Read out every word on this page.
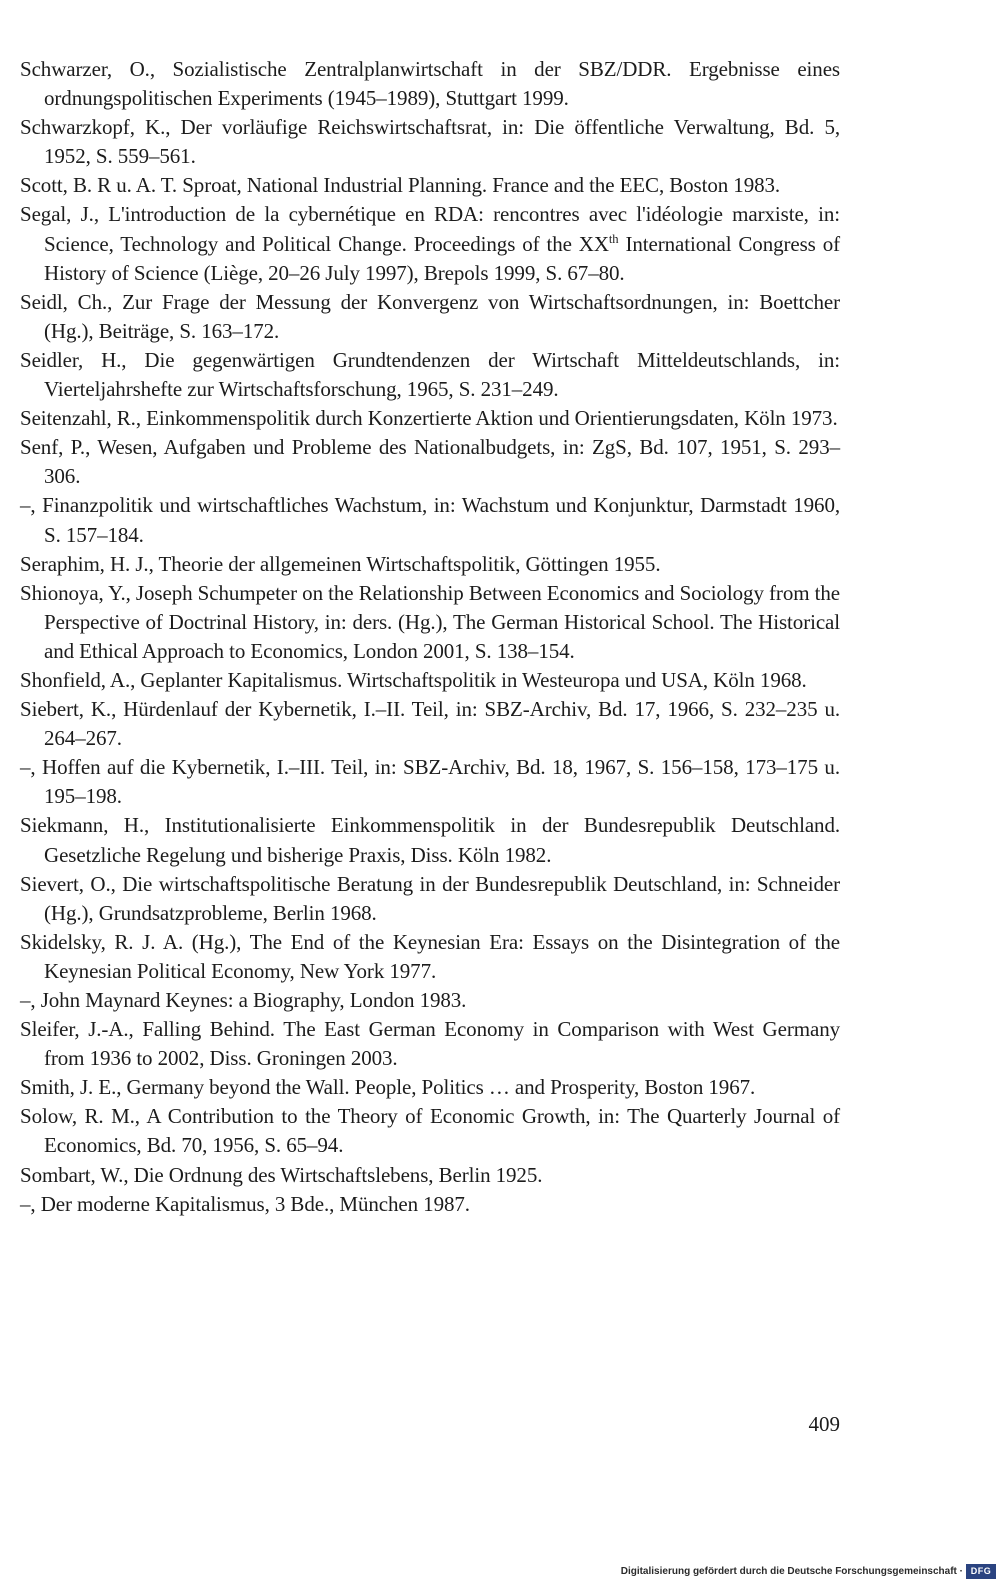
Schwarzer, O., Sozialistische Zentralplanwirtschaft in der SBZ/DDR. Ergebnisse eines ordnungspolitischen Experiments (1945–1989), Stuttgart 1999.
Schwarzkopf, K., Der vorläufige Reichswirtschaftsrat, in: Die öffentliche Verwaltung, Bd. 5, 1952, S. 559–561.
Scott, B. R u. A. T. Sproat, National Industrial Planning. France and the EEC, Boston 1983.
Segal, J., L'introduction de la cybernétique en RDA: rencontres avec l'idéologie marxiste, in: Science, Technology and Political Change. Proceedings of the XXth International Congress of History of Science (Liège, 20–26 July 1997), Brepols 1999, S. 67–80.
Seidl, Ch., Zur Frage der Messung der Konvergenz von Wirtschaftsordnungen, in: Boettcher (Hg.), Beiträge, S. 163–172.
Seidler, H., Die gegenwärtigen Grundtendenzen der Wirtschaft Mitteldeutschlands, in: Vierteljahrshefte zur Wirtschaftsforschung, 1965, S. 231–249.
Seitenzahl, R., Einkommenspolitik durch Konzertierte Aktion und Orientierungsdaten, Köln 1973.
Senf, P., Wesen, Aufgaben und Probleme des Nationalbudgets, in: ZgS, Bd. 107, 1951, S. 293–306.
–, Finanzpolitik und wirtschaftliches Wachstum, in: Wachstum und Konjunktur, Darmstadt 1960, S. 157–184.
Seraphim, H. J., Theorie der allgemeinen Wirtschaftspolitik, Göttingen 1955.
Shionoya, Y., Joseph Schumpeter on the Relationship Between Economics and Sociology from the Perspective of Doctrinal History, in: ders. (Hg.), The German Historical School. The Historical and Ethical Approach to Economics, London 2001, S. 138–154.
Shonfield, A., Geplanter Kapitalismus. Wirtschaftspolitik in Westeuropa und USA, Köln 1968.
Siebert, K., Hürdenlauf der Kybernetik, I.–II. Teil, in: SBZ-Archiv, Bd. 17, 1966, S. 232–235 u. 264–267.
–, Hoffen auf die Kybernetik, I.–III. Teil, in: SBZ-Archiv, Bd. 18, 1967, S. 156–158, 173–175 u. 195–198.
Siekmann, H., Institutionalisierte Einkommenspolitik in der Bundesrepublik Deutschland. Gesetzliche Regelung und bisherige Praxis, Diss. Köln 1982.
Sievert, O., Die wirtschaftspolitische Beratung in der Bundesrepublik Deutschland, in: Schneider (Hg.), Grundsatzprobleme, Berlin 1968.
Skidelsky, R. J. A. (Hg.), The End of the Keynesian Era: Essays on the Disintegration of the Keynesian Political Economy, New York 1977.
–, John Maynard Keynes: a Biography, London 1983.
Sleifer, J.-A., Falling Behind. The East German Economy in Comparison with West Germany from 1936 to 2002, Diss. Groningen 2003.
Smith, J. E., Germany beyond the Wall. People, Politics … and Prosperity, Boston 1967.
Solow, R. M., A Contribution to the Theory of Economic Growth, in: The Quarterly Journal of Economics, Bd. 70, 1956, S. 65–94.
Sombart, W., Die Ordnung des Wirtschaftslebens, Berlin 1925.
–, Der moderne Kapitalismus, 3 Bde., München 1987.
409
Digitalisierung gefördert durch die Deutsche Forschungsgemeinschaft · DFG
